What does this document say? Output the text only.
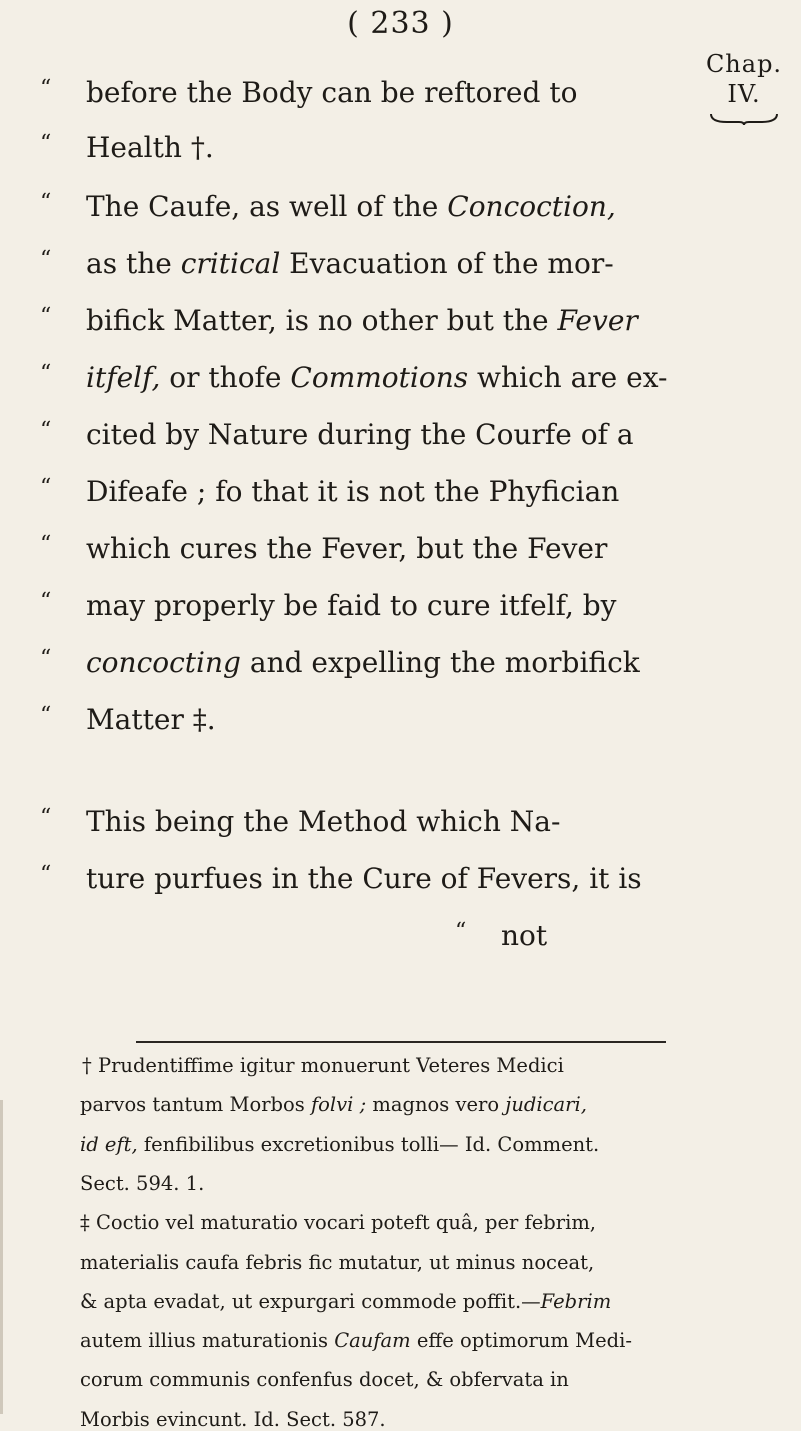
( 233 )
Chap.
IV.
“ before the Body can be reftored to
“ Health †.
“ The Caufe, as well of the Concoction,
“ as the critical Evacuation of the mor-
“ bifick Matter, is no other but the Fever
“ itfelf, or thofe Commotions which are ex-
“ cited by Nature during the Courfe of a
“ Difeafe ; fo that it is not the Phyfician
“ which cures the Fever, but the Fever
“ may properly be faid to cure itfelf, by
“ concocting and expelling the morbifick
“ Matter ‡.
“ This being the Method which Na-
“ ture purfues in the Cure of Fevers, it is
“ not
† Prudentiffime igitur monuerunt Veteres Medici
parvos tantum Morbos folvi ; magnos vero judicari,
id eft, fenfibilibus excretionibus tolli— Id. Comment.
Sect. 594. 1.
‡ Coctio vel maturatio vocari poteft quâ, per febrim,
materialis caufa febris fic mutatur, ut minus noceat,
& apta evadat, ut expurgari commode poffit.—Febrim
autem illius maturationis Caufam effe optimorum Medi-
corum communis confenfus docet, & obfervata in
Morbis evincunt. Id. Sect. 587.
